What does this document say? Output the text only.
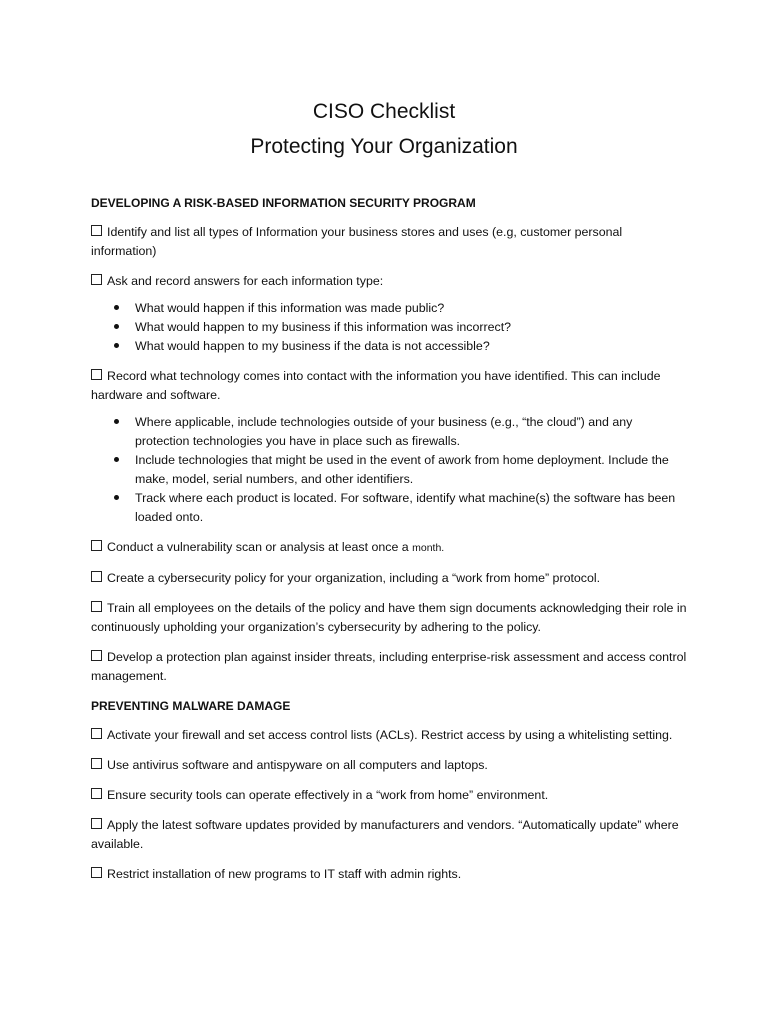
CISO Checklist
Protecting Your Organization
DEVELOPING A RISK-BASED INFORMATION SECURITY PROGRAM
Identify and list all types of Information your business stores and uses (e.g, customer personal information)
Ask and record answers for each information type:
What would happen if this information was made public?
What would happen to my business if this information was incorrect?
What would happen to my business if the data is not accessible?
Record what technology comes into contact with the information you have identified. This can include hardware and software.
Where applicable, include technologies outside of your business (e.g., “the cloud”) and any protection technologies you have in place such as firewalls.
Include technologies that might be used in the event of awork from home deployment. Include the make, model, serial numbers, and other identifiers.
Track where each product is located. For software, identify what machine(s) the software has been loaded onto.
Conduct a vulnerability scan or analysis at least once a month.
Create a cybersecurity policy for your organization, including a “work from home” protocol.
Train all employees on the details of the policy and have them sign documents acknowledging their role in continuously upholding your organization’s cybersecurity by adhering to the policy.
Develop a protection plan against insider threats, including enterprise-risk assessment and access control management.
PREVENTING MALWARE DAMAGE
Activate your firewall and set access control lists (ACLs). Restrict access by using a whitelisting setting.
Use antivirus software and antispyware on all computers and laptops.
Ensure security tools can operate effectively in a “work from home” environment.
Apply the latest software updates provided by manufacturers and vendors. “Automatically update” where available.
Restrict installation of new programs to IT staff with admin rights.
